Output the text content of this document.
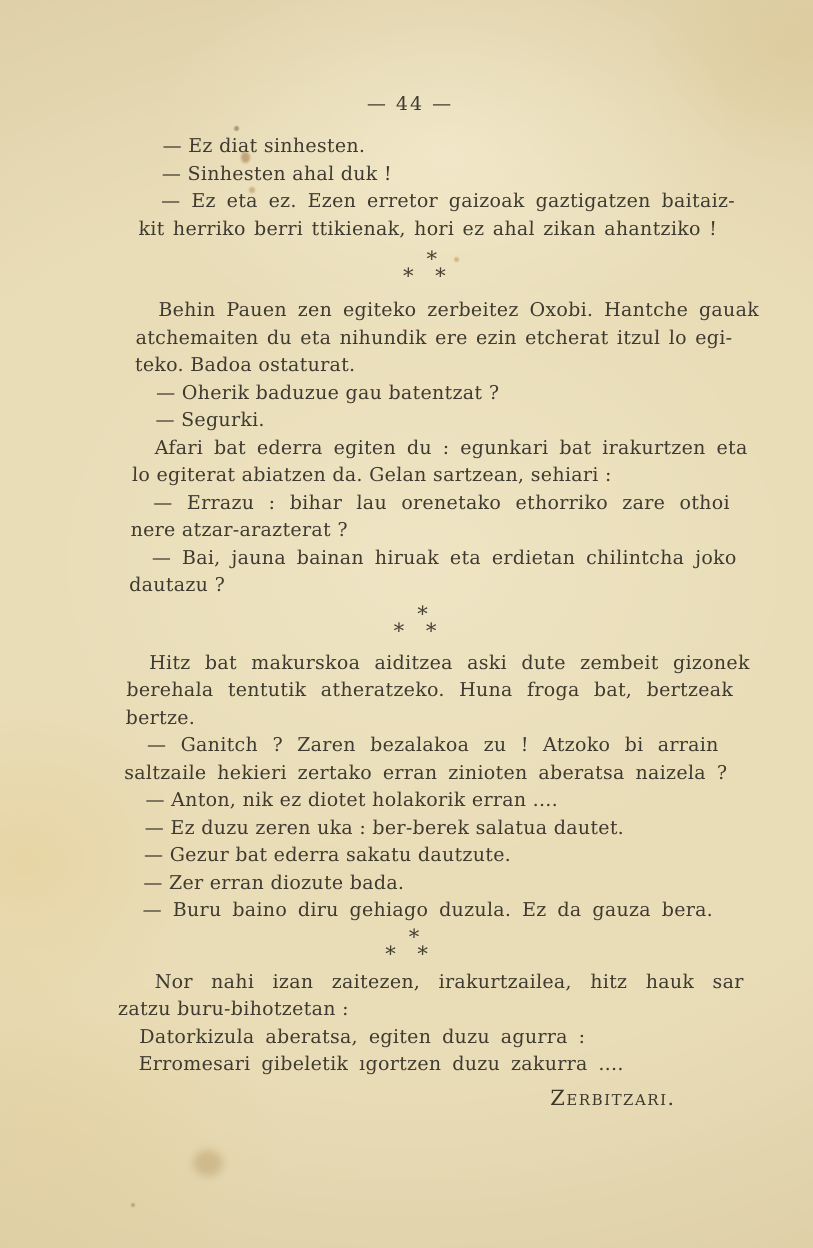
— 44 —

— Ez diat sinhesten.

— Sinhesten ahal duk !

— Ez eta ez. Ezen erretor gaizoak gaztigatzen baitaiz-

kit herriko berri ttikienak, hori ez ahal zikan ahantziko !

*
* *

Behin Pauen zen egiteko zerbeitez Oxobi. Hantche gauak

atchemaiten du eta nihundik ere ezin etcherat itzul lo egi-

teko. Badoa ostaturat.

— Oherik baduzue gau batentzat ?

— Segurki.

Afari bat ederra egiten du : egunkari bat irakurtzen eta

lo egiterat abiatzen da. Gelan sartzean, sehiari :

— Errazu : bihar lau orenetako ethorriko zare othoi

nere atzar-arazterat ?

— Bai, jauna bainan hiruak eta erdietan chilintcha joko

dautazu ?

*
* *

Hitz bat makurskoa aiditzea aski dute zembeit gizonek

berehala tentutik atheratzeko. Huna froga bat, bertzeak

bertze.

— Ganitch ? Zaren bezalakoa zu ! Atzoko bi arrain

saltzaile hekieri zertako erran zinioten aberatsa naizela ?

— Anton, nik ez diotet holakorik erran ....

— Ez duzu zeren uka : ber-berek salatua dautet.

— Gezur bat ederra sakatu dautzute.

— Zer erran diozute bada.

— Buru baino diru gehiago duzula. Ez da gauza bera.

*
* *

Nor nahi izan zaitezen, irakurtzailea, hitz hauk sar

zatzu buru-bihotzetan :

Datorkizula aberatsa, egiten duzu agurra :

Erromesari gibeletik ıgortzen duzu zakurra ....

Zerbitzari.
